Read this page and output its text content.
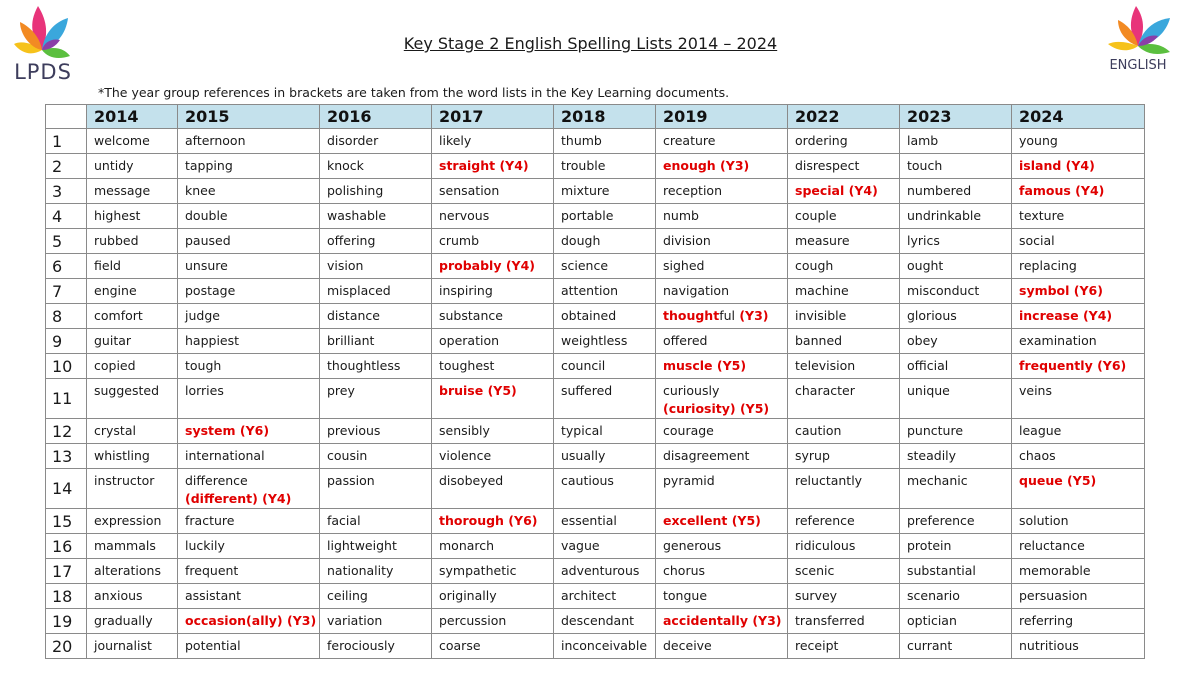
LPDS
Key Stage 2 English Spelling Lists 2014 – 2024
ENGLISH
*The year group references in brackets are taken from the word lists in the Key Learning documents.
	2014	2015	2016	2017	2018	2019	2022	2023	2024
1	welcome	afternoon	disorder	likely	thumb	creature	ordering	lamb	young

2	untidy	tapping	knock	straight (Y4)	trouble	enough (Y3)	disrespect	touch	island (Y4)

3	message	knee	polishing	sensation	mixture	reception	special (Y4)	numbered	famous (Y4)

4	highest	double	washable	nervous	portable	numb	couple	undrinkable	texture

5	rubbed	paused	offering	crumb	dough	division	measure	lyrics	social

6	field	unsure	vision	probably (Y4)	science	sighed	cough	ought	replacing

7	engine	postage	misplaced	inspiring	attention	navigation	machine	misconduct	symbol (Y6)

8	comfort	judge	distance	substance	obtained	thoughtful (Y3)	invisible	glorious	increase (Y4)

9	guitar	happiest	brilliant	operation	weightless	offered	banned	obey	examination

10	copied	tough	thoughtless	toughest	council	muscle (Y5)	television	official	frequently (Y6)

11	suggested	lorries	prey	bruise (Y5)	suffered	curiously
(curiosity) (Y5)	character	unique	veins

12	crystal	system (Y6)	previous	sensibly	typical	courage	caution	puncture	league

13	whistling	international	cousin	violence	usually	disagreement	syrup	steadily	chaos

14	instructor	difference
(different) (Y4)	passion	disobeyed	cautious	pyramid	reluctantly	mechanic	queue (Y5)

15	expression	fracture	facial	thorough (Y6)	essential	excellent (Y5)	reference	preference	solution

16	mammals	luckily	lightweight	monarch	vague	generous	ridiculous	protein	reluctance

17	alterations	frequent	nationality	sympathetic	adventurous	chorus	scenic	substantial	memorable

18	anxious	assistant	ceiling	originally	architect	tongue	survey	scenario	persuasion

19	gradually	occasion(ally) (Y3)	variation	percussion	descendant	accidentally (Y3)	transferred	optician	referring

20	journalist	potential	ferociously	coarse	inconceivable	deceive	receipt	currant	nutritious
